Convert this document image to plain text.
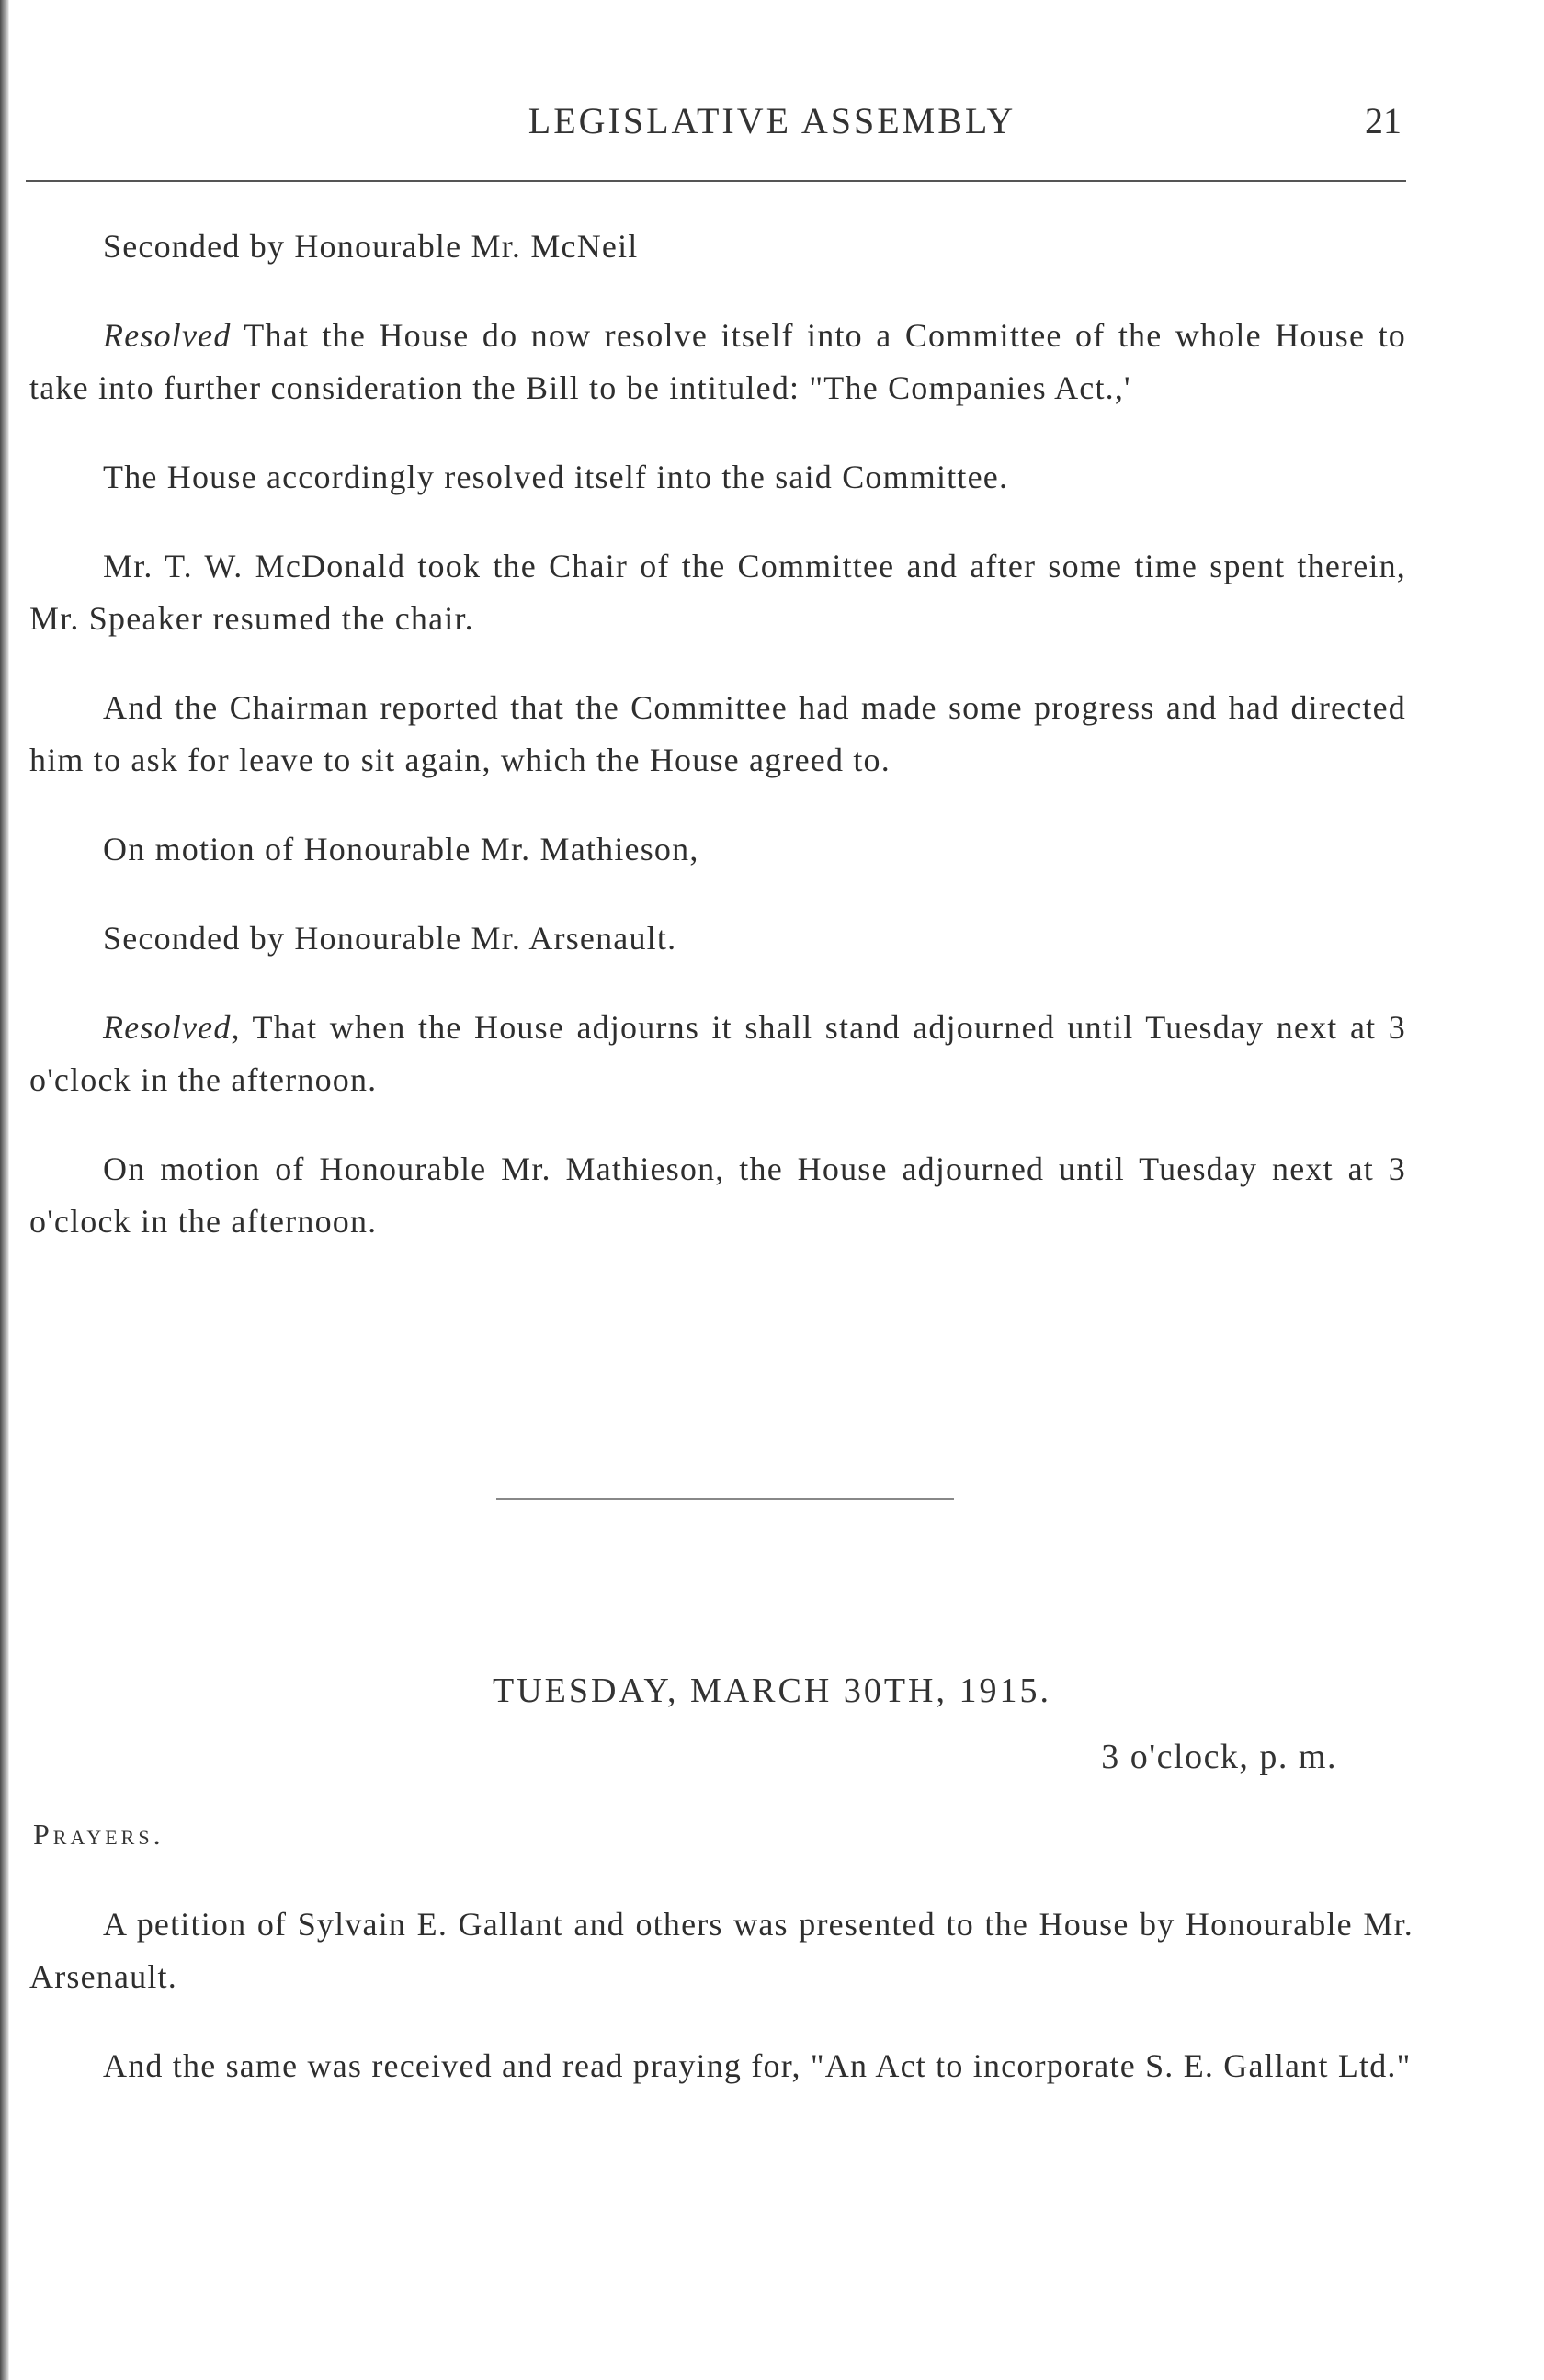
LEGISLATIVE ASSEMBLY	21

Seconded by Honourable Mr. McNeil

Resolved That the House do now resolve itself into a Committee of the whole House to take into further consideration the Bill to be intituled: "The Companies Act.,'

The House accordingly resolved itself into the said Committee.

Mr. T. W. McDonald took the Chair of the Committee and after some time spent therein, Mr. Speaker resumed the chair.

And the Chairman reported that the Committee had made some progress and had directed him to ask for leave to sit again, which the House agreed to.

On motion of Honourable Mr. Mathieson,

Seconded by Honourable Mr. Arsenault.

Resolved, That when the House adjourns it shall stand adjourned until Tuesday next at 3 o'clock in the afternoon.

On motion of Honourable Mr. Mathieson, the House adjourned until Tuesday next at 3 o'clock in the afternoon.

TUESDAY, MARCH 30TH, 1915.
3 o'clock, p. m.
Prayers.

A petition of Sylvain E. Gallant and others was presented to the House by Honourable Mr. Arsenault.

And the same was received and read praying for, "An Act to incorporate S. E. Gallant Ltd."
